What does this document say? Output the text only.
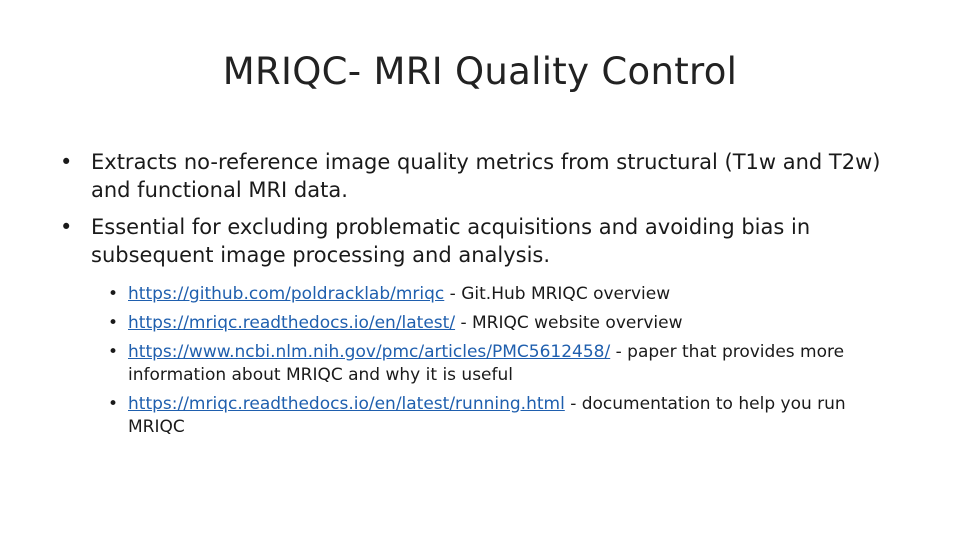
MRIQC- MRI Quality Control
• Extracts no-reference image quality metrics from structural (T1w and T2w) and functional MRI data.
• Essential for excluding problematic acquisitions and avoiding bias in subsequent image processing and analysis.
• https://github.com/poldracklab/mriqc - Git.Hub MRIQC overview
• https://mriqc.readthedocs.io/en/latest/ - MRIQC website overview
• https://www.ncbi.nlm.nih.gov/pmc/articles/PMC5612458/ - paper that provides more information about MRIQC and why it is useful
• https://mriqc.readthedocs.io/en/latest/running.html - documentation to help you run MRIQC
